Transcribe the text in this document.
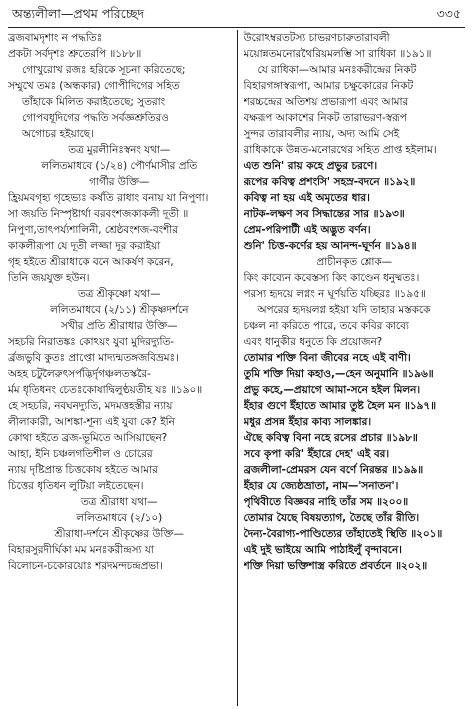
অন্ত্যলীলা—প্রথম পরিচ্ছেদ	৩৩৫
ব্রজবামদৃশাং ন পদ্ধতিঃ
প্রকটা সর্বদৃশঃ শ্রুতেরপি ॥১৮৮॥
গোখুরোখ রজঃ হরিকে সূচনা করিতেছে;
সম্মুখে তমঃ (অন্ধকার) গোপীদিগের সহিত
তাঁহাকে মিলিত করাইতেছে; সুতরাং
গোপবধূদিগের পদ্ধতি সর্বজ্ঞশ্রুতিরও
অগোচর হইয়াছে।
তত্র মুরলীনিঃস্বনং যথা—
ললিতমাধবে (১/২৪) পৌর্ণমাসীর প্রতি
গার্গীর উক্তি—
হ্রিয়মবগৃহ্য গৃহেভ্যঃ কর্ষতি রাধাং বনায় যা নিপুণা।
সা জয়তি নিস্পৃষ্টার্থা বরবংশজকাকলী দূতী ॥
নিপুণা,তাৎপর্য্যশালিনী, শ্রেষ্ঠবংশজ-বংশীর
কাকলীরূপা যে দূতী লজ্জা দূর করাইয়া
গৃহ হইতে শ্রীরাধাকে বনে আকর্ষণ করেন,
তিনি জয়যুক্ত হউন।
তত্র শ্রীকৃষ্ণো যথা—
ললিতমাধবে (২/১১) শ্রীকৃষ্ণদর্শনে
সখীর প্রতি শ্রীরাধার উক্তি—
সহচরি নিরাতঙ্কঃ কোঽয়ং যুবা মুদিরদ্যুতি-
র্ব্রজভুবি কুতঃ প্রাপ্তো মাদ্যন্মতঙ্গজবিভ্রমঃ।
অহহ চটুলৈরুৎসর্পদ্ভির্দৃগঞ্চলতস্করৈ-
র্মম ধৃতিধনং চেতঃকোষাদ্বিলুণ্ঠয়তীহ যঃ ॥১৯০॥
হে সহচরি, নবঘনদ্যুতি, মদমত্তহস্তীর ন্যায়
লীলাকারী, আশঙ্কা-শূন্য এই যুবা কে? ইনি
কোথা হইতে ব্রজ-ভূমিতে আসিয়াছেন?
আহা, ইনি চঞ্চলগতিশীল ও চোরের
ন্যায় দৃষ্টিপ্রান্ত চিত্তকোষ হইতে আমার
চিত্তের ধৃতিধন লুটিয়া লইতেছেন।
তত্র শ্রীরাধা যথা—
ললিতমাধবে (২/১০)
শ্রীরাধা-দর্শনে শ্রীকৃষ্ণের উক্তি—
বিহারসুরদীর্ঘিকা মম মনঃকরীন্দ্রস্য যা
বিলোচন-চকোরয়োঃ শরদমন্দচন্দ্রপ্রভা।
উরোঽম্বরতটস্য চাভরণচারুতারাবলী
ময়োন্নতমনোরথৈরিয়মলম্ভি সা রাধিকা ॥১৯১॥
যে রাধিকা—আমার মনঃকরীন্দ্রের নিকট
বিহারগঙ্গাস্বরূপা, আমার চক্ষুকোরের নিকট
শরচ্চন্দ্রের অতিশয় প্রভারূপা এবং আমার
বক্ষরূপ আকাশের নিকট তারাভরণ-স্বরূপ
সুন্দর তারাবলীর ন্যায়, অদ্য আমি সেই
রাধিকাকে উন্নত-মনোরথের সহিত প্রাপ্ত হইলাম।
এত শুনি' রায় কহে প্রভুর চরণে।
রূপের কবিত্ব প্রশংসি' সহস্র-বদনে ॥১৯২॥
কবিত্ব না হয় এই অমৃতের ধার।
নাটক-লক্ষণ সব সিদ্ধান্তের সার ॥১৯৩॥
প্রেম-পরিপাটী এই অদ্ভুত বর্ণন।
শুনি' চিত্ত-কর্ণের হয় আনন্দ-ঘূর্ণন ॥১৯৪॥
প্রাচীনকৃত শ্লোক—
কিং কাব্যেন কবেস্তস্য কিং কাণ্ডেন ধনুষ্মতঃ।
পরস্য হৃদয়ে লগ্নং ন ঘূর্ণয়তি যচ্ছিরঃ ॥১৯৫॥
অপরের হৃদয়লগ্ন হইয়া যদি তাহার মস্তককে
চঞ্চল না করিতে পারে, তবে কবির কাব্যে
এবং ধানুকীর ধনুতে কি প্রয়োজন?
তোমার শক্তি বিনা জীবের নহে এই বাণী।
তুমি শক্তি দিয়া কহাও,—হেন অনুমানি ॥১৯৬॥
প্রভু কহে,—প্রয়াগে আমা-সনে হইল মিলন।
ইঁহার গুণে ইঁহাতে আমার তুষ্ট হৈল মন ॥১৯৭॥
মধুর প্রসন্ন ইঁহার কাব্য সালঙ্কার।
ঐছে কবিত্ব বিনা নহে রসের প্রচার ॥১৯৮॥
সবে কৃপা করি' ইঁহারে দেহ' এই বর।
ব্রজলীলা-প্রেমরস যেন বর্ণে নিরন্তর ॥১৯৯॥
ইঁহার যে জ্যেষ্ঠভ্রাতা, নাম—'সনাতন'।
পৃথিবীতে বিজ্ঞবর নাহি তাঁর সম ॥২০০॥
তোমার যৈছে বিষয়ত্যাগ, তৈছে তাঁর রীতি।
দৈন্য-বৈরাগ্য-পাণ্ডিত্যের তাঁহাতেই স্থিতি ॥২০১॥
এই দুই ভাইয়ে আমি পাঠাইলুঁ বৃন্দাবনে।
শক্তি দিয়া ভক্তিশাস্ত্র করিতে প্রবর্তনে ॥২০২॥
